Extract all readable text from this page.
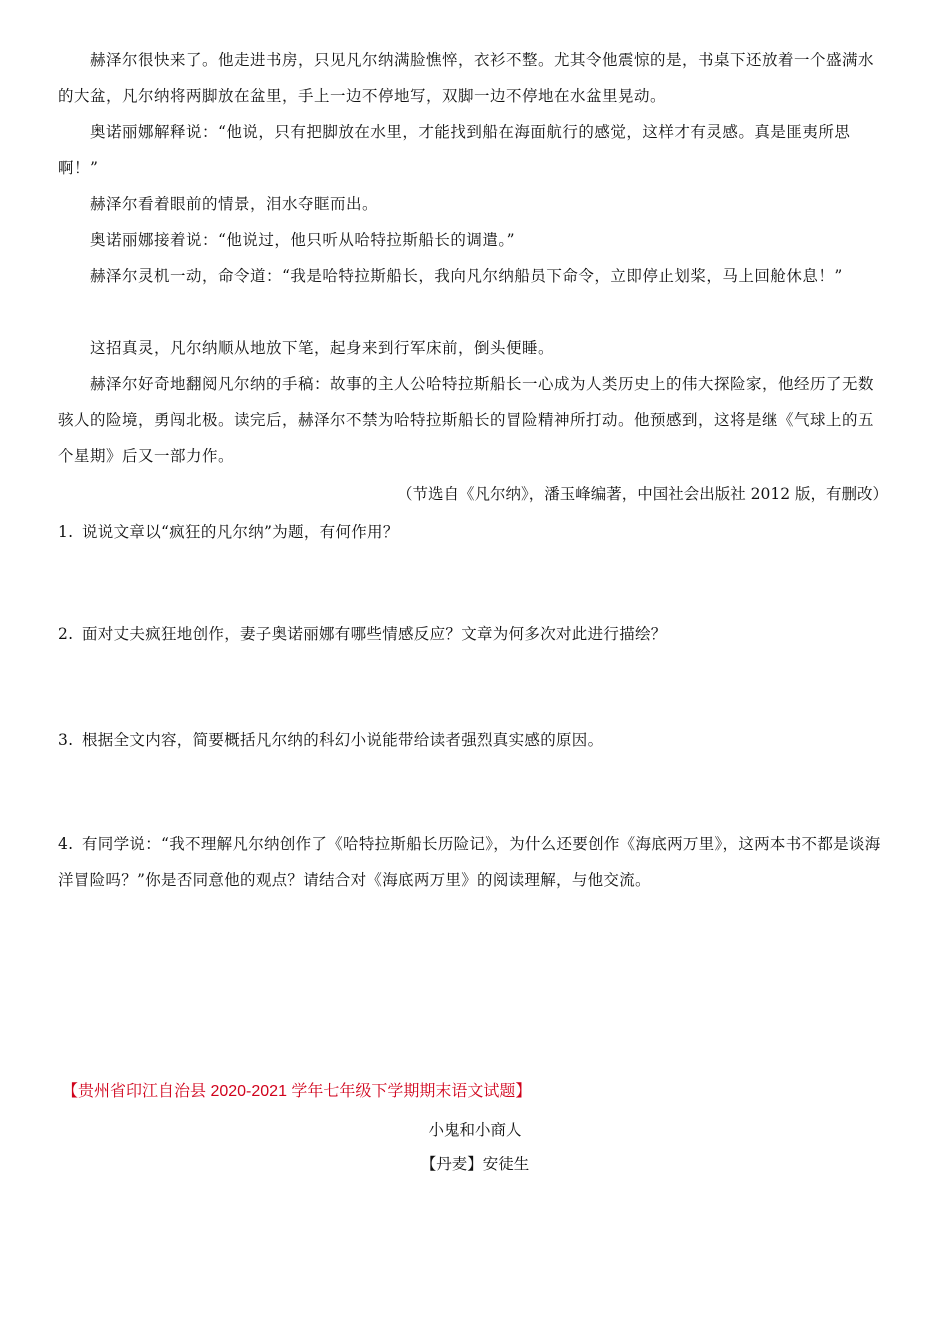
赫泽尔很快来了。他走进书房，只见凡尔纳满脸憔悴，衣衫不整。尤其令他震惊的是，书桌下还放着一个盛满水的大盆，凡尔纳将两脚放在盆里，手上一边不停地写，双脚一边不停地在水盆里晃动。

奥诺丽娜解释说：“他说，只有把脚放在水里，才能找到船在海面航行的感觉，这样才有灵感。真是匪夷所思啊！”

赫泽尔看着眼前的情景，泪水夺眶而出。

奥诺丽娜接着说：“他说过，他只听从哈特拉斯船长的调遣。”

赫泽尔灵机一动，命令道：“我是哈特拉斯船长，我向凡尔纳船员下命令，立即停止划桨，马上回舱休息！”

这招真灵，凡尔纳顺从地放下笔，起身来到行军床前，倒头便睡。

赫泽尔好奇地翻阅凡尔纳的手稿：故事的主人公哈特拉斯船长一心成为人类历史上的伟大探险家，他经历了无数骇人的险境，勇闯北极。读完后，赫泽尔不禁为哈特拉斯船长的冒险精神所打动。他预感到，这将是继《气球上的五个星期》后又一部力作。

（节选自《凡尔纳》，潘玉峰编著，中国社会出版社 2012 版，有删改）

1. 说说文章以“疯狂的凡尔纳”为题，有何作用？

2. 面对丈夫疯狂地创作，妻子奥诺丽娜有哪些情感反应？文章为何多次对此进行描绘？

3. 根据全文内容，简要概括凡尔纳的科幻小说能带给读者强烈真实感的原因。

4. 有同学说：“我不理解凡尔纳创作了《哈特拉斯船长历险记》，为什么还要创作《海底两万里》，这两本书不都是谈海洋冒险吗？”你是否同意他的观点？请结合对《海底两万里》的阅读理解，与他交流。

【贵州省印江自治县 2020-2021 学年七年级下学期期末语文试题】
小鬼和小商人
【丹麦】安徒生
